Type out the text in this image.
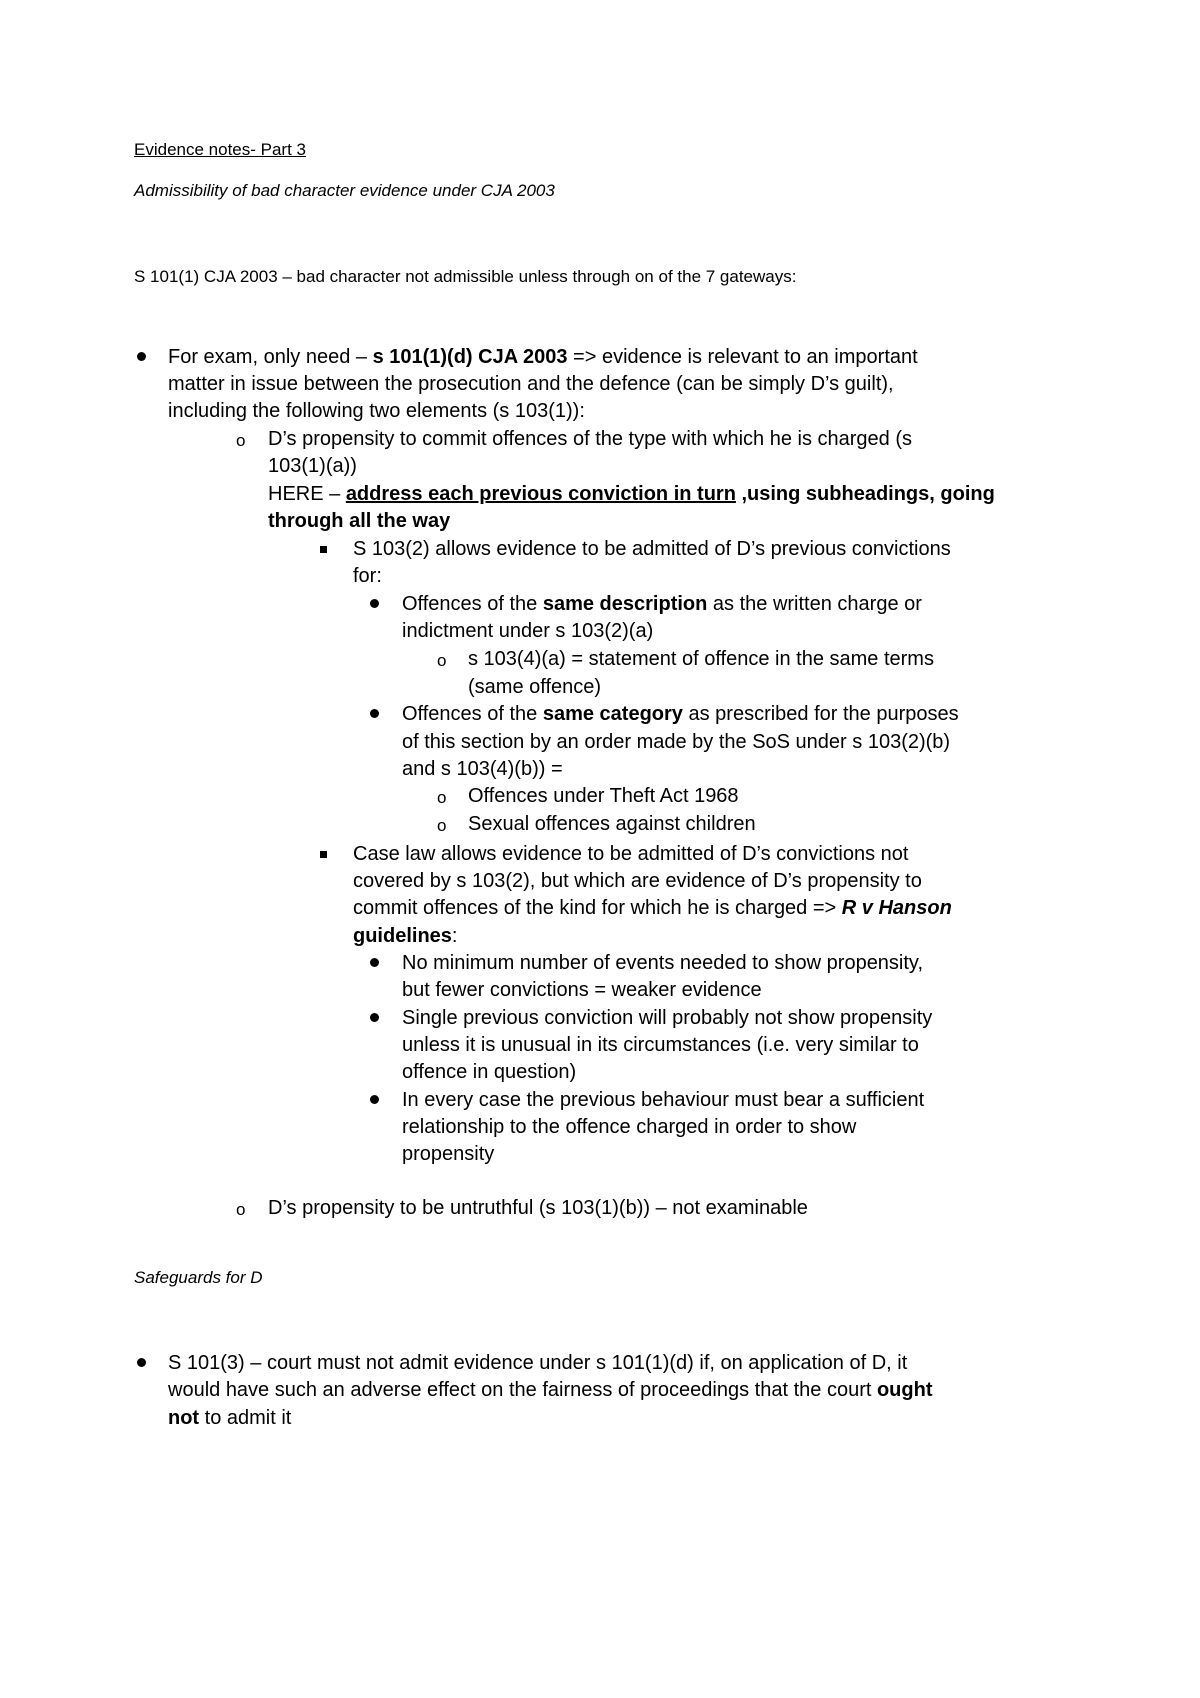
Evidence notes- Part 3
Admissibility of bad character evidence under CJA 2003
S 101(1) CJA 2003 – bad character not admissible unless through on of the 7 gateways:
For exam, only need – s 101(1)(d) CJA 2003 => evidence is relevant to an important
matter in issue between the prosecution and the defence (can be simply D’s guilt),
including the following two elements (s 103(1)):
o D’s propensity to commit offences of the type with which he is charged (s
103(1)(a))
HERE – address each previous conviction in turn ,using subheadings, going
through all the way
S 103(2) allows evidence to be admitted of D’s previous convictions
for:
Offences of the same description as the written charge or
indictment under s 103(2)(a)
o s 103(4)(a) = statement of offence in the same terms
(same offence)
Offences of the same category as prescribed for the purposes
of this section by an order made by the SoS under s 103(2)(b)
and s 103(4)(b)) =
o Offences under Theft Act 1968
o Sexual offences against children
Case law allows evidence to be admitted of D’s convictions not
covered by s 103(2), but which are evidence of D’s propensity to
commit offences of the kind for which he is charged => R v Hanson
guidelines:
No minimum number of events needed to show propensity,
but fewer convictions = weaker evidence
Single previous conviction will probably not show propensity
unless it is unusual in its circumstances (i.e. very similar to
offence in question)
In every case the previous behaviour must bear a sufficient
relationship to the offence charged in order to show
propensity
o D’s propensity to be untruthful (s 103(1)(b)) – not examinable
Safeguards for D
S 101(3) – court must not admit evidence under s 101(1)(d) if, on application of D, it
would have such an adverse effect on the fairness of proceedings that the court ought
not to admit it
